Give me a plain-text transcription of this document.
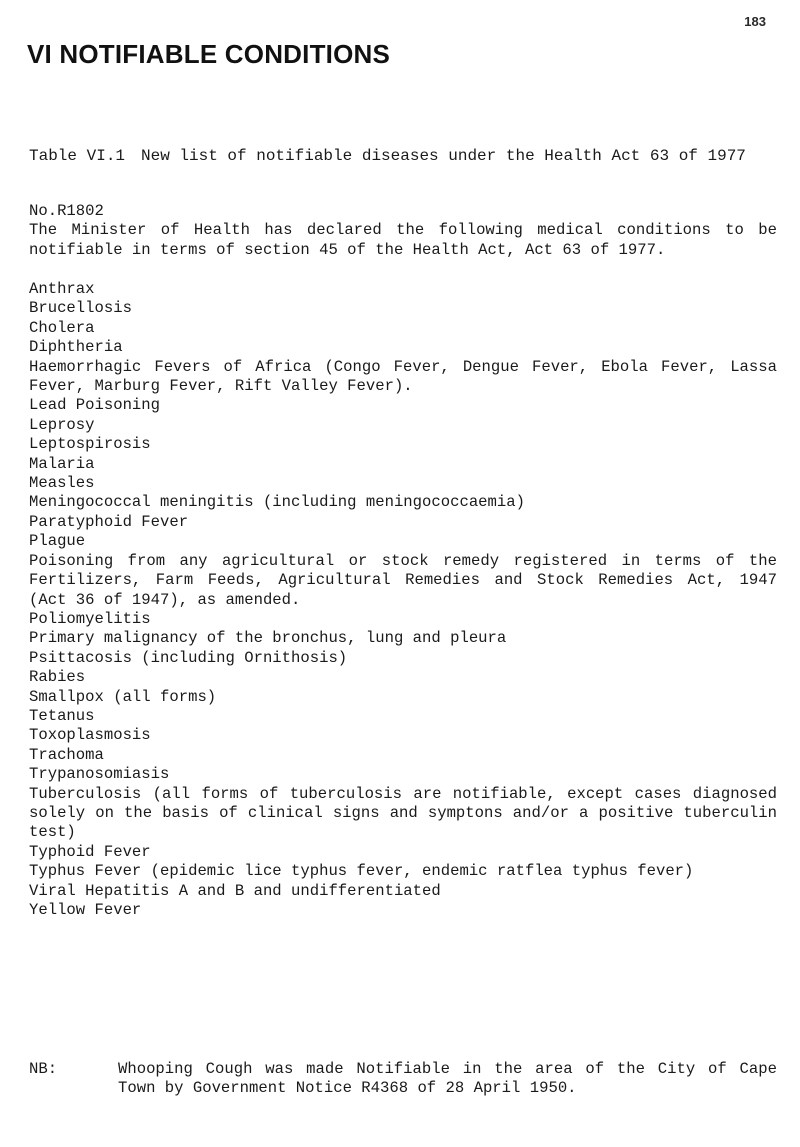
183
VI NOTIFIABLE CONDITIONS
Table VI.1 New list of notifiable diseases under the Health Act 63 of 1977

No.R1802

The Minister of Health has declared the following medical conditions to be notifiable in terms of section 45 of the Health Act, Act 63 of 1977.

Anthrax
Brucellosis
Cholera
Diphtheria
Haemorrhagic Fevers of Africa (Congo Fever, Dengue Fever, Ebola Fever, Lassa Fever, Marburg Fever, Rift Valley Fever).
Lead Poisoning
Leprosy
Leptospirosis
Malaria
Measles
Meningococcal meningitis (including meningococcaemia)
Paratyphoid Fever
Plague
Poisoning from any agricultural or stock remedy registered in terms of the Fertilizers, Farm Feeds, Agricultural Remedies and Stock Remedies Act, 1947 (Act 36 of 1947), as amended.
Poliomyelitis
Primary malignancy of the bronchus, lung and pleura
Psittacosis (including Ornithosis)
Rabies
Smallpox (all forms)
Tetanus
Toxoplasmosis
Trachoma
Trypanosomiasis
Tuberculosis (all forms of tuberculosis are notifiable, except cases diagnosed solely on the basis of clinical signs and symptons and/or a positive tuberculin test)
Typhoid Fever
Typhus Fever (epidemic lice typhus fever, endemic ratflea typhus fever)
Viral Hepatitis A and B and undifferentiated
Yellow Fever
NB:	Whooping Cough was made Notifiable in the area of the City of Cape Town by Government Notice R4368 of 28 April 1950.
